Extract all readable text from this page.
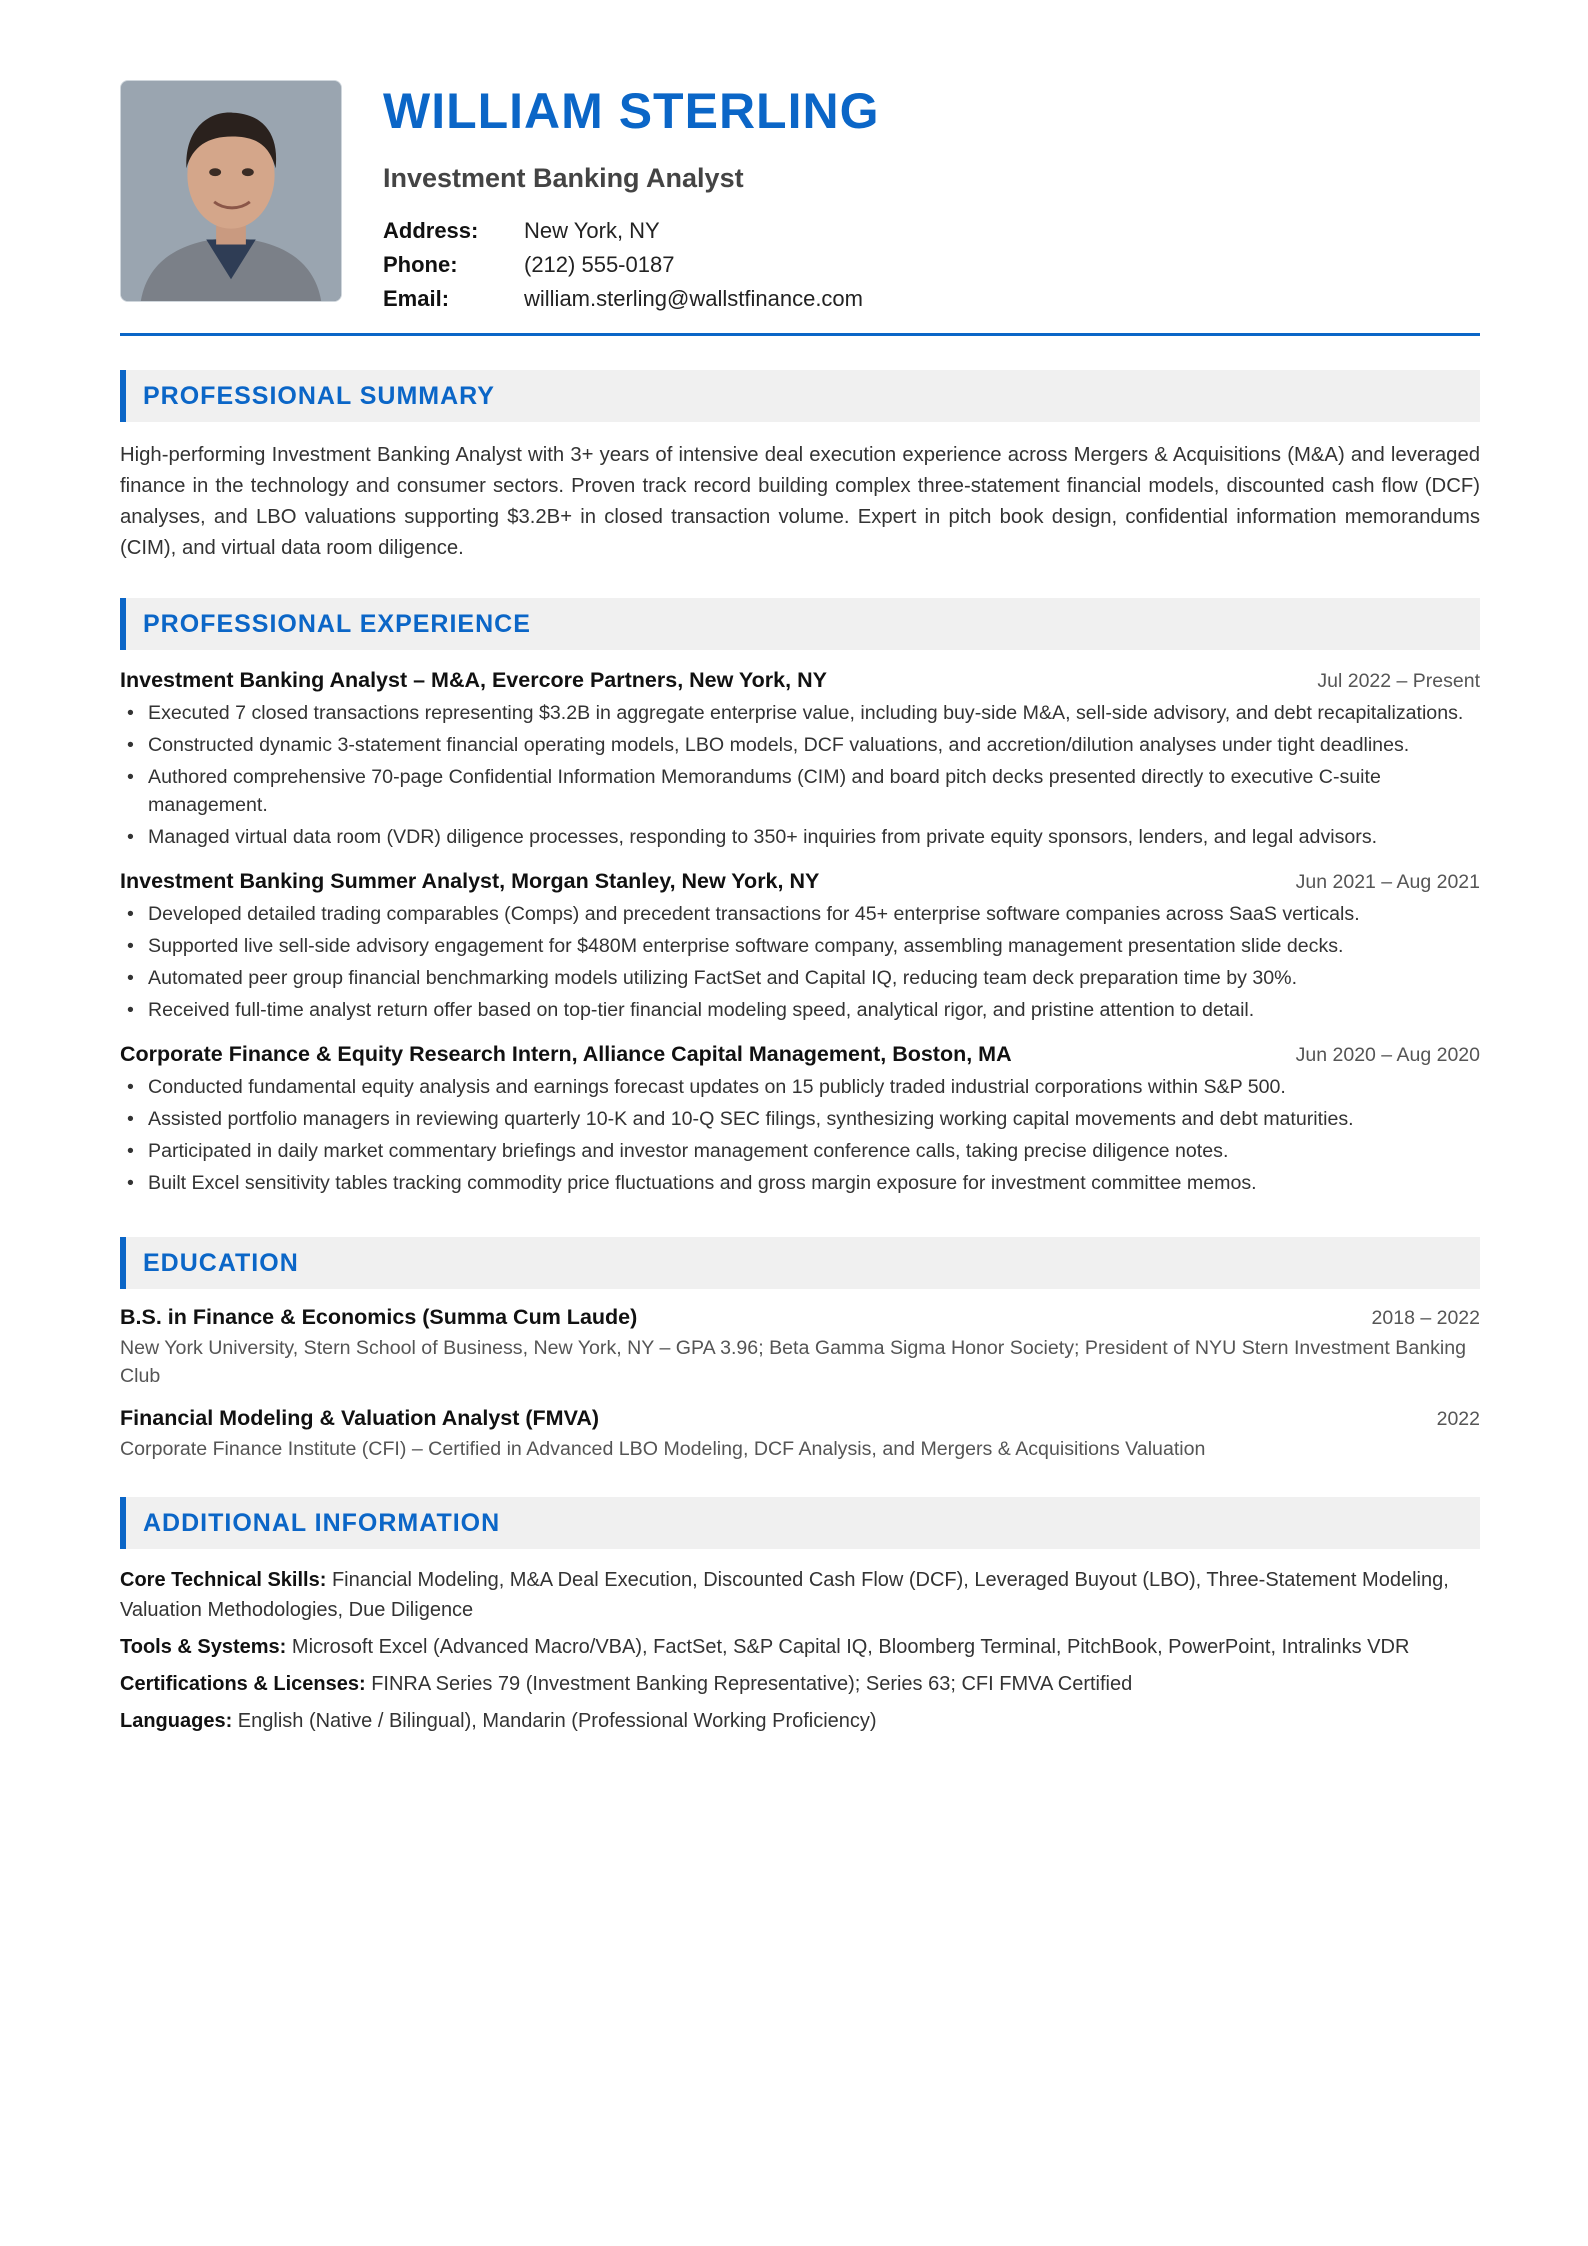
WILLIAM STERLING
Investment Banking Analyst
Address:	New York, NY
Phone:	(212) 555-0187
Email:	william.sterling@wallstfinance.com
PROFESSIONAL SUMMARY

High-performing Investment Banking Analyst with 3+ years of intensive deal execution experience across Mergers & Acquisitions (M&A) and leveraged finance in the technology and consumer sectors. Proven track record building complex three-statement financial models, discounted cash flow (DCF) analyses, and LBO valuations supporting $3.2B+ in closed transaction volume. Expert in pitch book design, confidential information memorandums (CIM), and virtual data room diligence.

PROFESSIONAL EXPERIENCE
Investment Banking Analyst – M&A, Evercore Partners, New York, NY	Jul 2022 – Present
• Executed 7 closed transactions representing $3.2B in aggregate enterprise value, including buy-side M&A, sell-side advisory, and debt recapitalizations.
• Constructed dynamic 3-statement financial operating models, LBO models, DCF valuations, and accretion/dilution analyses under tight deadlines.
• Authored comprehensive 70-page Confidential Information Memorandums (CIM) and board pitch decks presented directly to executive C-suite management.
• Managed virtual data room (VDR) diligence processes, responding to 350+ inquiries from private equity sponsors, lenders, and legal advisors.
Investment Banking Summer Analyst, Morgan Stanley, New York, NY	Jun 2021 – Aug 2021
• Developed detailed trading comparables (Comps) and precedent transactions for 45+ enterprise software companies across SaaS verticals.
• Supported live sell-side advisory engagement for $480M enterprise software company, assembling management presentation slide decks.
• Automated peer group financial benchmarking models utilizing FactSet and Capital IQ, reducing team deck preparation time by 30%.
• Received full-time analyst return offer based on top-tier financial modeling speed, analytical rigor, and pristine attention to detail.
Corporate Finance & Equity Research Intern, Alliance Capital Management, Boston, MA	Jun 2020 – Aug 2020
• Conducted fundamental equity analysis and earnings forecast updates on 15 publicly traded industrial corporations within S&P 500.
• Assisted portfolio managers in reviewing quarterly 10-K and 10-Q SEC filings, synthesizing working capital movements and debt maturities.
• Participated in daily market commentary briefings and investor management conference calls, taking precise diligence notes.
• Built Excel sensitivity tables tracking commodity price fluctuations and gross margin exposure for investment committee memos.
EDUCATION
B.S. in Finance & Economics (Summa Cum Laude)	2018 – 2022
New York University, Stern School of Business, New York, NY – GPA 3.96; Beta Gamma Sigma Honor Society; President of NYU Stern Investment Banking Club
Financial Modeling & Valuation Analyst (FMVA)	2022
Corporate Finance Institute (CFI) – Certified in Advanced LBO Modeling, DCF Analysis, and Mergers & Acquisitions Valuation
ADDITIONAL INFORMATION
Core Technical Skills: Financial Modeling, M&A Deal Execution, Discounted Cash Flow (DCF), Leveraged Buyout (LBO), Three-Statement Modeling, Valuation Methodologies, Due Diligence
Tools & Systems: Microsoft Excel (Advanced Macro/VBA), FactSet, S&P Capital IQ, Bloomberg Terminal, PitchBook, PowerPoint, Intralinks VDR
Certifications & Licenses: FINRA Series 79 (Investment Banking Representative); Series 63; CFI FMVA Certified
Languages: English (Native / Bilingual), Mandarin (Professional Working Proficiency)
